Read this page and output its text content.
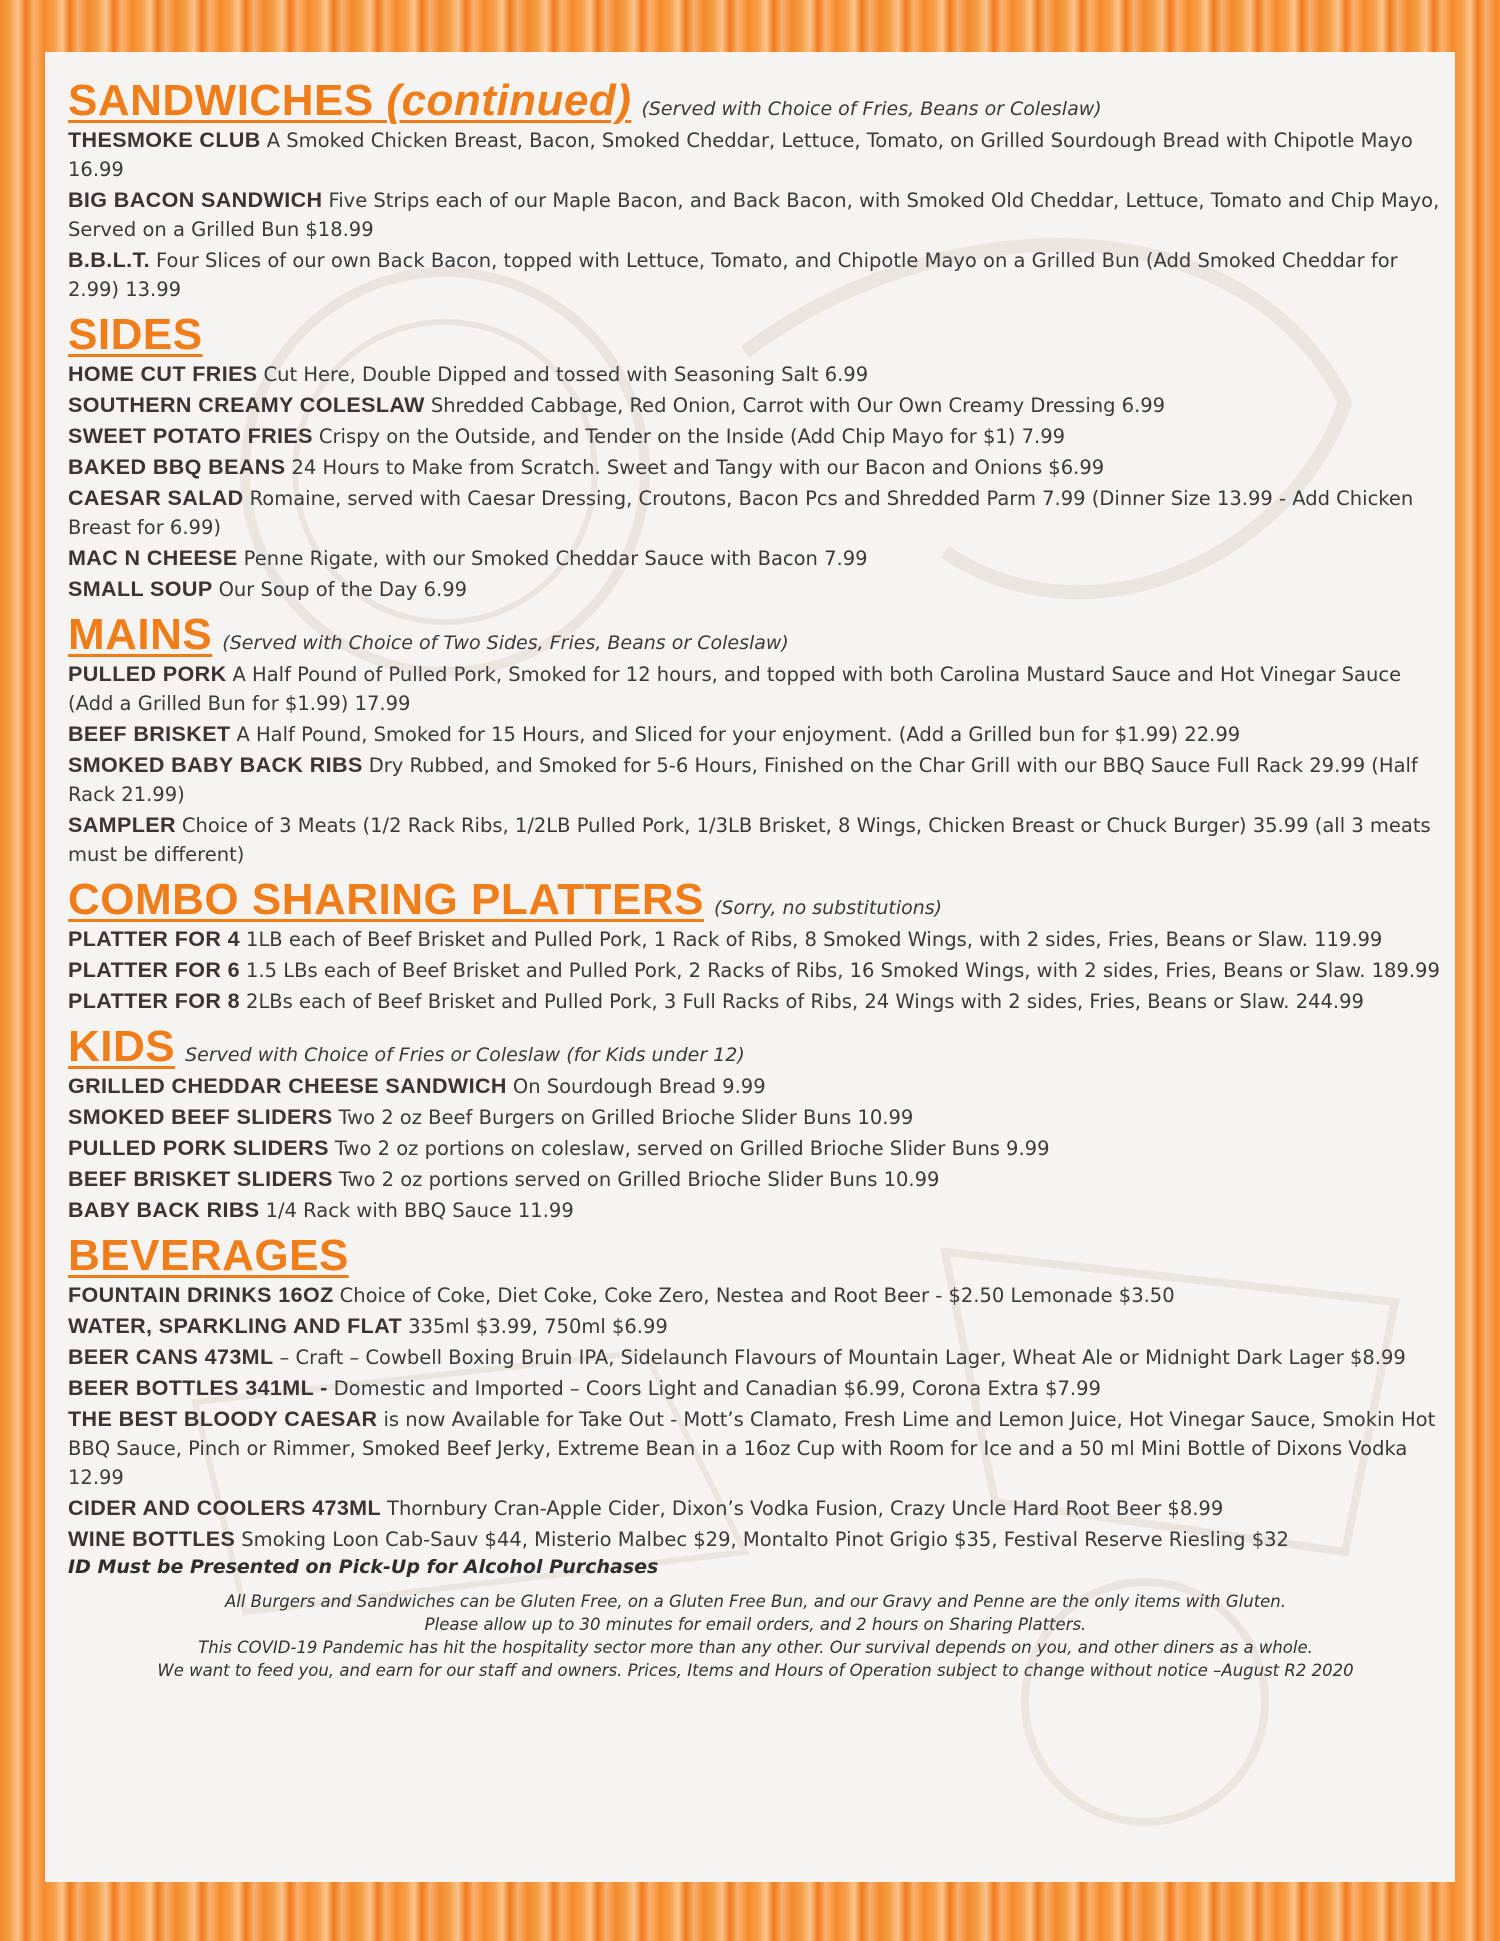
SANDWICHES (continued) (Served with Choice of Fries, Beans or Coleslaw)
THESMOKE CLUB A Smoked Chicken Breast, Bacon, Smoked Cheddar, Lettuce, Tomato, on Grilled Sourdough Bread with Chipotle Mayo 16.99
BIG BACON SANDWICH Five Strips each of our Maple Bacon, and Back Bacon, with Smoked Old Cheddar, Lettuce, Tomato and Chip Mayo, Served on a Grilled Bun $18.99
B.B.L.T. Four Slices of our own Back Bacon, topped with Lettuce, Tomato, and Chipotle Mayo on a Grilled Bun (Add Smoked Cheddar for 2.99) 13.99
SIDES
HOME CUT FRIES Cut Here, Double Dipped and tossed with Seasoning Salt 6.99
SOUTHERN CREAMY COLESLAW Shredded Cabbage, Red Onion, Carrot with Our Own Creamy Dressing 6.99
SWEET POTATO FRIES Crispy on the Outside, and Tender on the Inside (Add Chip Mayo for $1) 7.99
BAKED BBQ BEANS 24 Hours to Make from Scratch. Sweet and Tangy with our Bacon and Onions $6.99
CAESAR SALAD Romaine, served with Caesar Dressing, Croutons, Bacon Pcs and Shredded Parm 7.99 (Dinner Size 13.99 - Add Chicken Breast for 6.99)
MAC N CHEESE Penne Rigate, with our Smoked Cheddar Sauce with Bacon 7.99
SMALL SOUP Our Soup of the Day 6.99
MAINS (Served with Choice of Two Sides, Fries, Beans or Coleslaw)
PULLED PORK A Half Pound of Pulled Pork, Smoked for 12 hours, and topped with both Carolina Mustard Sauce and Hot Vinegar Sauce (Add a Grilled Bun for $1.99) 17.99
BEEF BRISKET A Half Pound, Smoked for 15 Hours, and Sliced for your enjoyment. (Add a Grilled bun for $1.99) 22.99
SMOKED BABY BACK RIBS Dry Rubbed, and Smoked for 5-6 Hours, Finished on the Char Grill with our BBQ Sauce Full Rack 29.99 (Half Rack 21.99)
SAMPLER Choice of 3 Meats (1/2 Rack Ribs, 1/2LB Pulled Pork, 1/3LB Brisket, 8 Wings, Chicken Breast or Chuck Burger) 35.99 (all 3 meats must be different)
COMBO SHARING PLATTERS (Sorry, no substitutions)
PLATTER FOR 4 1LB each of Beef Brisket and Pulled Pork, 1 Rack of Ribs, 8 Smoked Wings, with 2 sides, Fries, Beans or Slaw. 119.99
PLATTER FOR 6 1.5 LBs each of Beef Brisket and Pulled Pork, 2 Racks of Ribs, 16 Smoked Wings, with 2 sides, Fries, Beans or Slaw. 189.99
PLATTER FOR 8 2LBs each of Beef Brisket and Pulled Pork, 3 Full Racks of Ribs, 24 Wings with 2 sides, Fries, Beans or Slaw. 244.99
KIDS Served with Choice of Fries or Coleslaw (for Kids under 12)
GRILLED CHEDDAR CHEESE SANDWICH On Sourdough Bread 9.99
SMOKED BEEF SLIDERS Two 2 oz Beef Burgers on Grilled Brioche Slider Buns 10.99
PULLED PORK SLIDERS Two 2 oz portions on coleslaw, served on Grilled Brioche Slider Buns 9.99
BEEF BRISKET SLIDERS Two 2 oz portions served on Grilled Brioche Slider Buns 10.99
BABY BACK RIBS 1/4 Rack with BBQ Sauce 11.99
BEVERAGES
FOUNTAIN DRINKS 16OZ Choice of Coke, Diet Coke, Coke Zero, Nestea and Root Beer - $2.50 Lemonade $3.50
WATER, SPARKLING AND FLAT 335ml $3.99, 750ml $6.99
BEER CANS 473ML – Craft – Cowbell Boxing Bruin IPA, Sidelaunch Flavours of Mountain Lager, Wheat Ale or Midnight Dark Lager $8.99
BEER BOTTLES 341ML - Domestic and Imported – Coors Light and Canadian $6.99, Corona Extra $7.99
THE BEST BLOODY CAESAR is now Available for Take Out - Mott’s Clamato, Fresh Lime and Lemon Juice, Hot Vinegar Sauce, Smokin Hot BBQ Sauce, Pinch or Rimmer, Smoked Beef Jerky, Extreme Bean in a 16oz Cup with Room for Ice and a 50 ml Mini Bottle of Dixons Vodka 12.99
CIDER AND COOLERS 473ML Thornbury Cran-Apple Cider, Dixon’s Vodka Fusion, Crazy Uncle Hard Root Beer $8.99
WINE BOTTLES Smoking Loon Cab-Sauv $44, Misterio Malbec $29, Montalto Pinot Grigio $35, Festival Reserve Riesling $32
ID Must be Presented on Pick-Up for Alcohol Purchases
All Burgers and Sandwiches can be Gluten Free, on a Gluten Free Bun, and our Gravy and Penne are the only items with Gluten.
Please allow up to 30 minutes for email orders, and 2 hours on Sharing Platters.
This COVID-19 Pandemic has hit the hospitality sector more than any other. Our survival depends on you, and other diners as a whole.
We want to feed you, and earn for our staff and owners. Prices, Items and Hours of Operation subject to change without notice –August R2 2020
